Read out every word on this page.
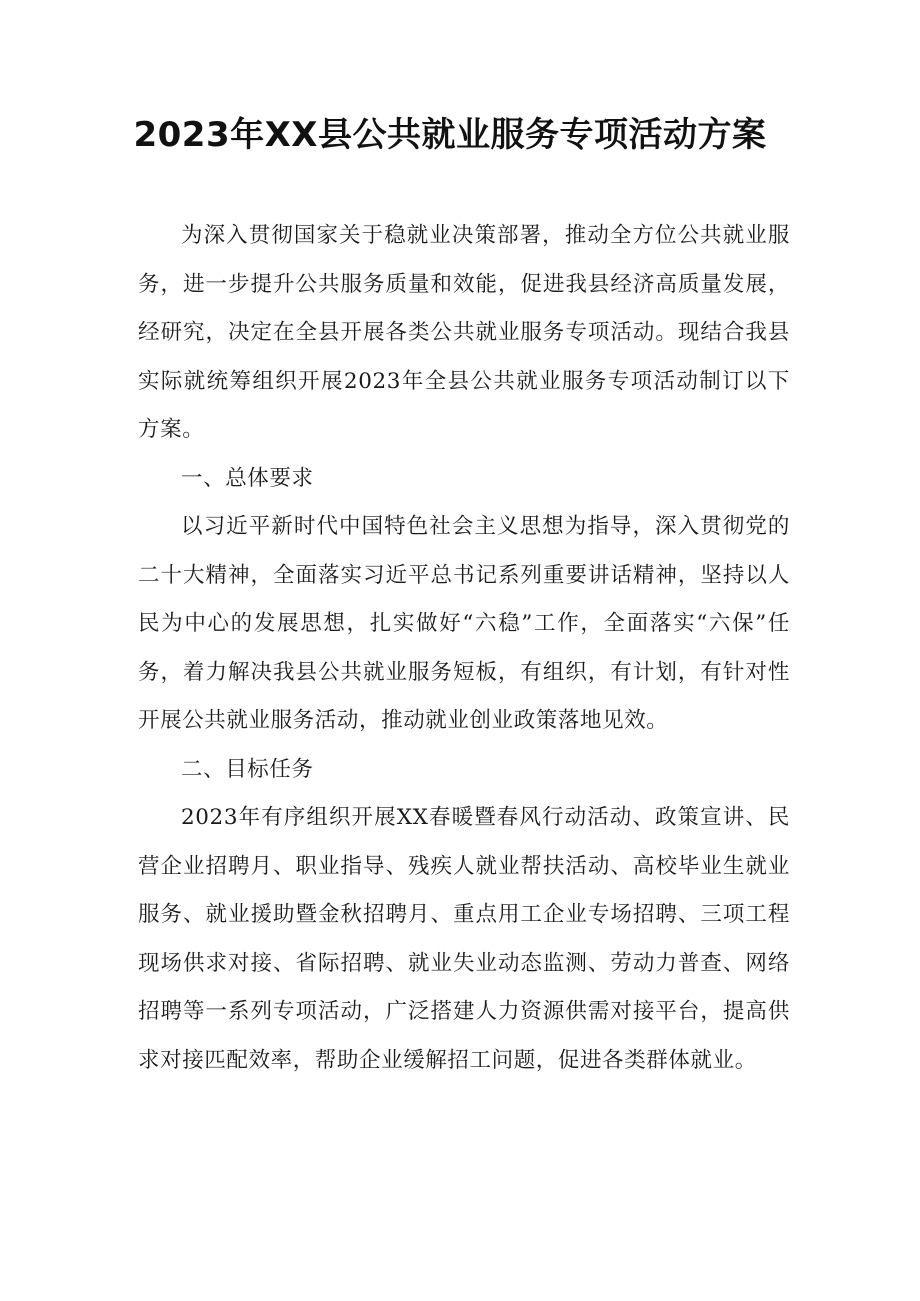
2023年XX县公共就业服务专项活动方案

为深入贯彻国家关于稳就业决策部署，推动全方位公共就业服务，进一步提升公共服务质量和效能，促进我县经济高质量发展，经研究，决定在全县开展各类公共就业服务专项活动。现结合我县实际就统筹组织开展2023年全县公共就业服务专项活动制订以下方案。

一、总体要求

以习近平新时代中国特色社会主义思想为指导，深入贯彻党的二十大精神，全面落实习近平总书记系列重要讲话精神，坚持以人民为中心的发展思想，扎实做好“六稳”工作，全面落实“六保”任务，着力解决我县公共就业服务短板，有组织，有计划，有针对性开展公共就业服务活动，推动就业创业政策落地见效。

二、目标任务

2023年有序组织开展XX春暖暨春风行动活动、政策宣讲、民营企业招聘月、职业指导、残疾人就业帮扶活动、高校毕业生就业服务、就业援助暨金秋招聘月、重点用工企业专场招聘、三项工程现场供求对接、省际招聘、就业失业动态监测、劳动力普查、网络招聘等一系列专项活动，广泛搭建人力资源供需对接平台，提高供求对接匹配效率，帮助企业缓解招工问题，促进各类群体就业。
